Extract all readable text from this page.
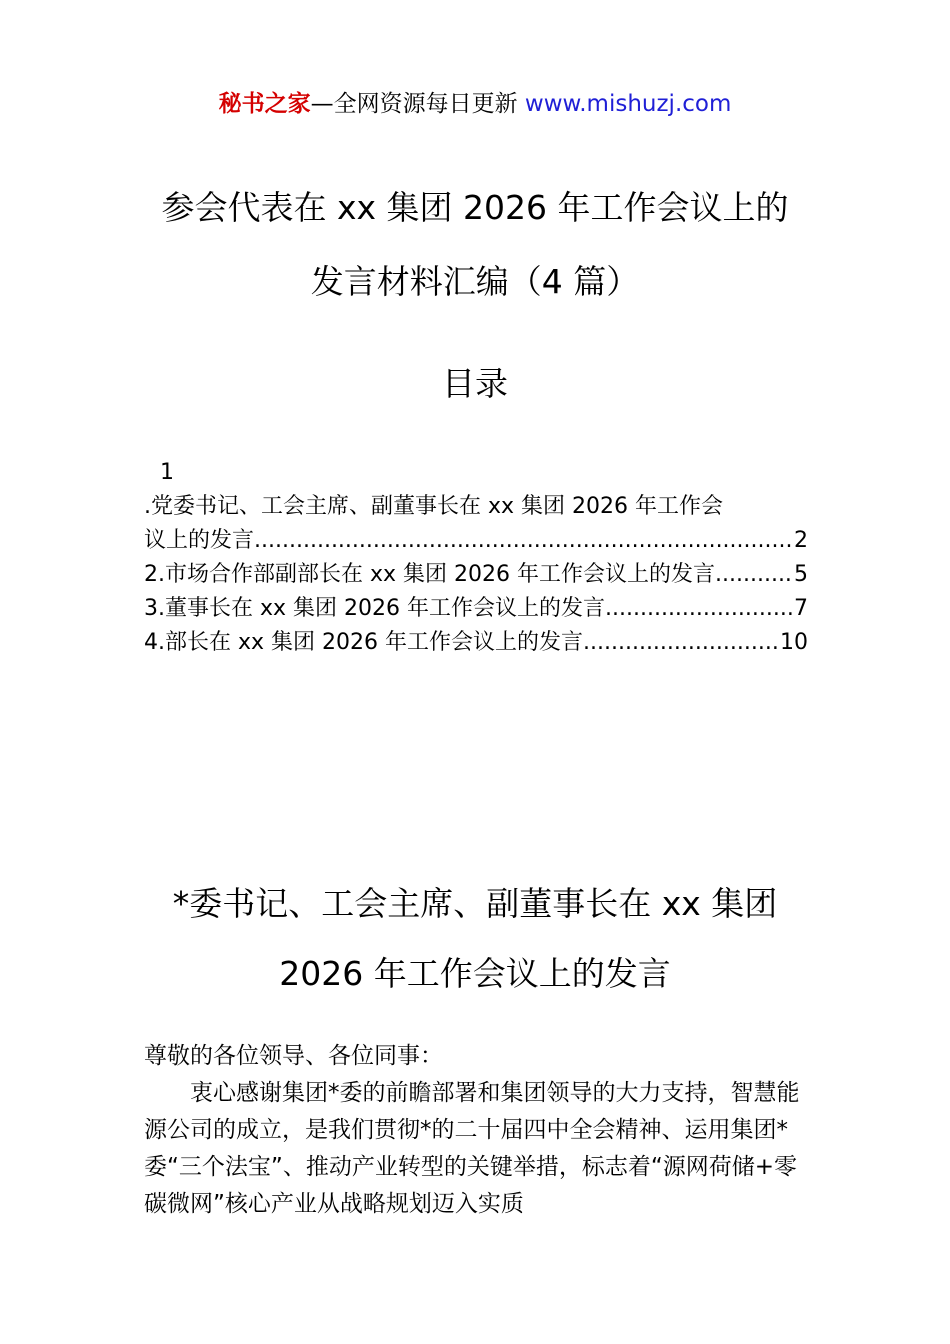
秘书之家—全网资源每日更新 www.mishuzj.com
参会代表在 xx 集团 2026 年工作会议上的
发言材料汇编（4 篇）
目录
1
.党委书记、工会主席、副董事长在 xx 集团 2026 年工作会
议上的发言 .....	2
2.市场合作部副部长在 xx 集团 2026 年工作会议上的发言 .....	5
3.董事长在 xx 集团 2026 年工作会议上的发言 .....	7
4.部长在 xx 集团 2026 年工作会议上的发言 .....	10
*委书记、工会主席、副董事长在 xx 集团
2026 年工作会议上的发言

尊敬的各位领导、各位同事：

衷心感谢集团*委的前瞻部署和集团领导的大力支持，智慧能源公司的成立，是我们贯彻*的二十届四中全会精神、运用集团*委“三个法宝”、推动产业转型的关键举措，标志着“源网荷储+零碳微网”核心产业从战略规划迈入实质
